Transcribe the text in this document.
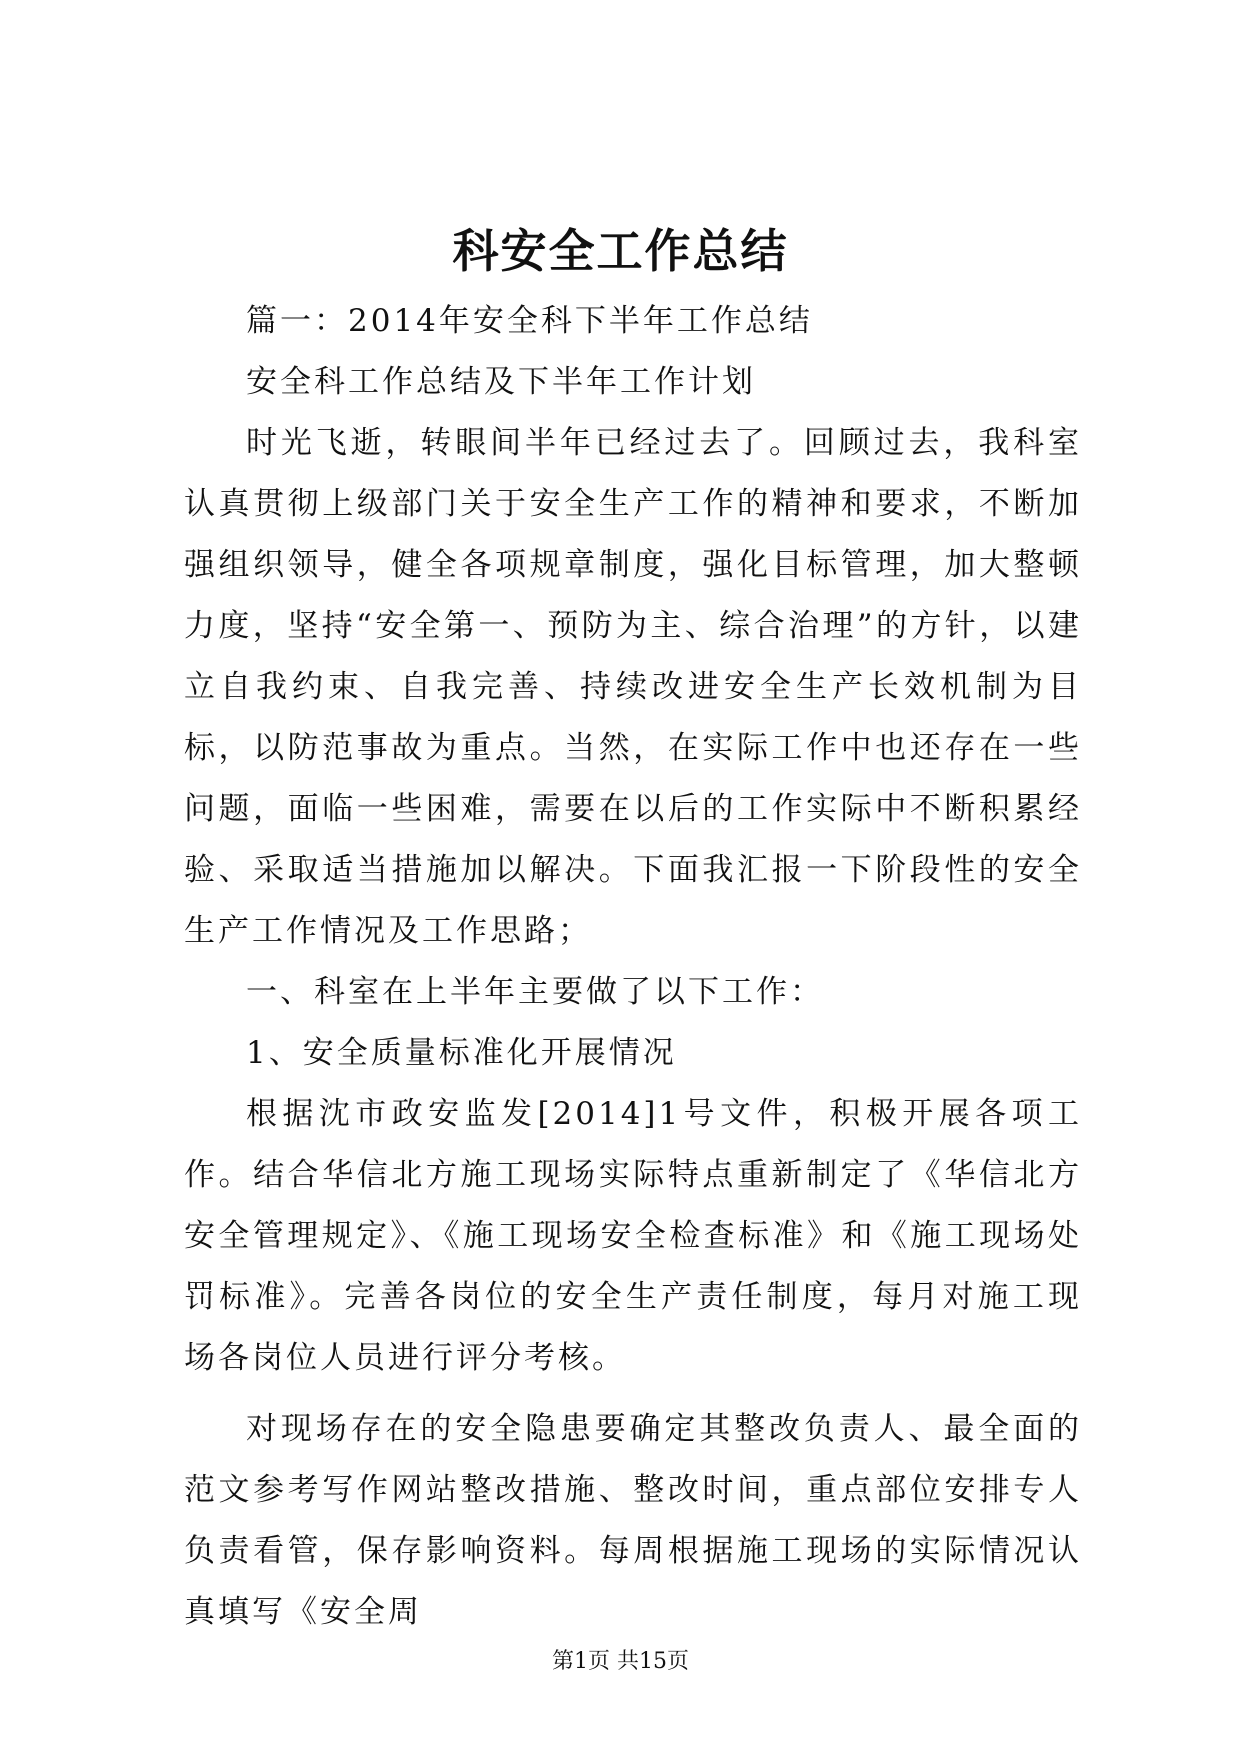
科安全工作总结

篇一：2014年安全科下半年工作总结

安全科工作总结及下半年工作计划

时光飞逝，转眼间半年已经过去了。回顾过去，我科室认真贯彻上级部门关于安全生产工作的精神和要求，不断加强组织领导，健全各项规章制度，强化目标管理，加大整顿力度，坚持“安全第一、预防为主、综合治理”的方针，以建立自我约束、自我完善、持续改进安全生产长效机制为目标，以防范事故为重点。当然，在实际工作中也还存在一些问题，面临一些困难，需要在以后的工作实际中不断积累经验、采取适当措施加以解决。下面我汇报一下阶段性的安全生产工作情况及工作思路；

一、科室在上半年主要做了以下工作：

1、安全质量标准化开展情况

根据沈市政安监发[2014]1号文件，积极开展各项工作。结合华信北方施工现场实际特点重新制定了《华信北方安全管理规定》、《施工现场安全检查标准》和《施工现场处罚标准》。完善各岗位的安全生产责任制度，每月对施工现场各岗位人员进行评分考核。

对现场存在的安全隐患要确定其整改负责人、最全面的范文参考写作网站整改措施、整改时间，重点部位安排专人负责看管，保存影响资料。每周根据施工现场的实际情况认真填写《安全周

第1页 共15页
